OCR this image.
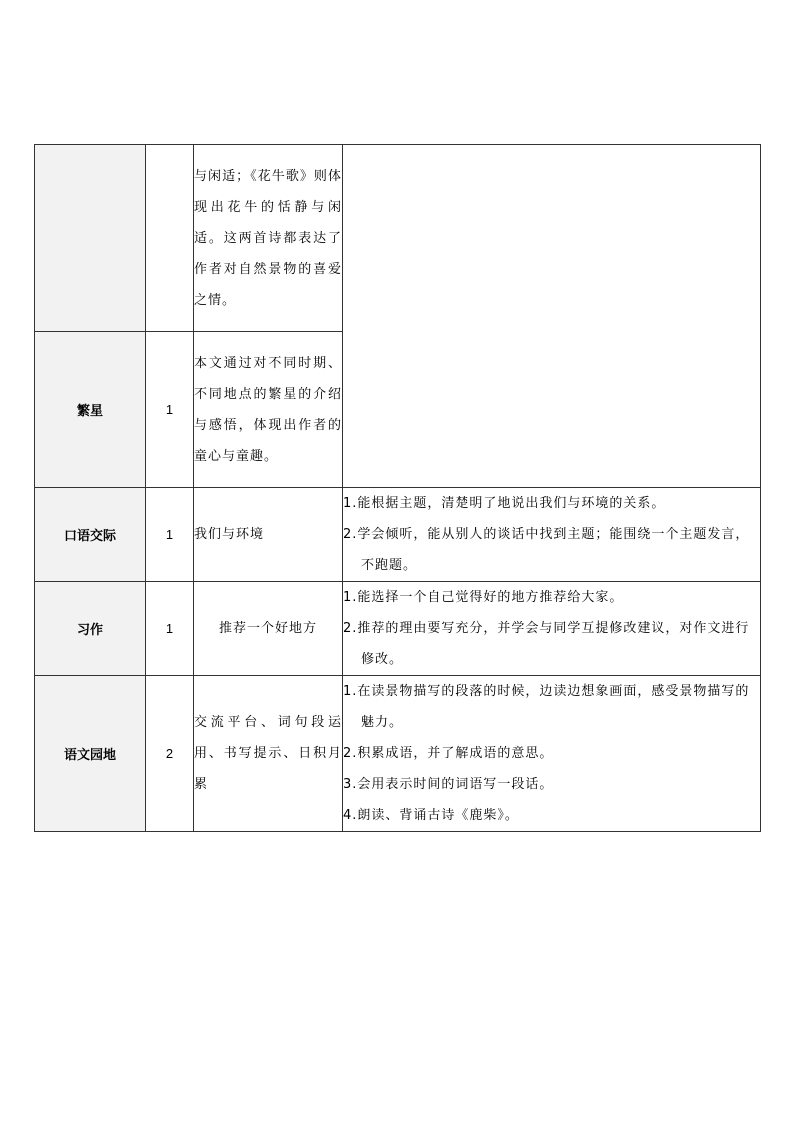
		与闲适；《花牛歌》则体现出花牛的恬静与闲适。这两首诗都表达了作者对自然景物的喜爱之情。	
繁星	1	本文通过对不同时期、不同地点的繁星的介绍与感悟，体现出作者的童心与童趣。	
口语交际	1	我们与环境	1.能根据主题，清楚明了地说出我们与环境的关系。
2.学会倾听，能从别人的谈话中找到主题；能围绕一个主题发言，不跑题。

习作	1	推荐一个好地方	1.能选择一个自己觉得好的地方推荐给大家。
2.推荐的理由要写充分，并学会与同学互提修改建议，对作文进行修改。

语文园地	2	交流平台、词句段运用、书写提示、日积月累	1.在读景物描写的段落的时候，边读边想象画面，感受景物描写的魅力。
2.积累成语，并了解成语的意思。
3.会用表示时间的词语写一段话。
4.朗读、背诵古诗《鹿柴》。
